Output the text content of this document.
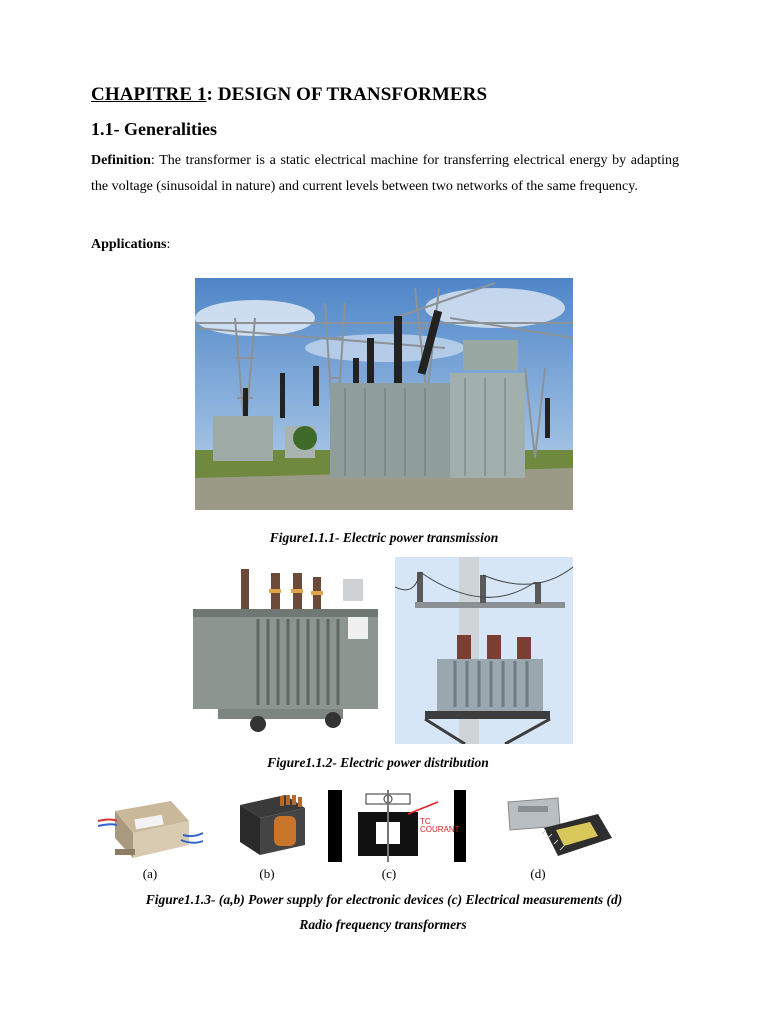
CHAPITRE 1: DESIGN OF TRANSFORMERS
1.1- Generalities

Definition: The transformer is a static electrical machine for transferring electrical energy by adapting the voltage (sinusoidal in nature) and current levels between two networks of the same frequency.

Applications:

Figure1.1.1- Electric power transmission

Figure1.1.2- Electric power distribution

TC COURANT
(a)	(b)	(c)	(d)

Figure1.1.3- (a,b) Power supply for electronic devices (c) Electrical measurements (d)

Radio frequency transformers
